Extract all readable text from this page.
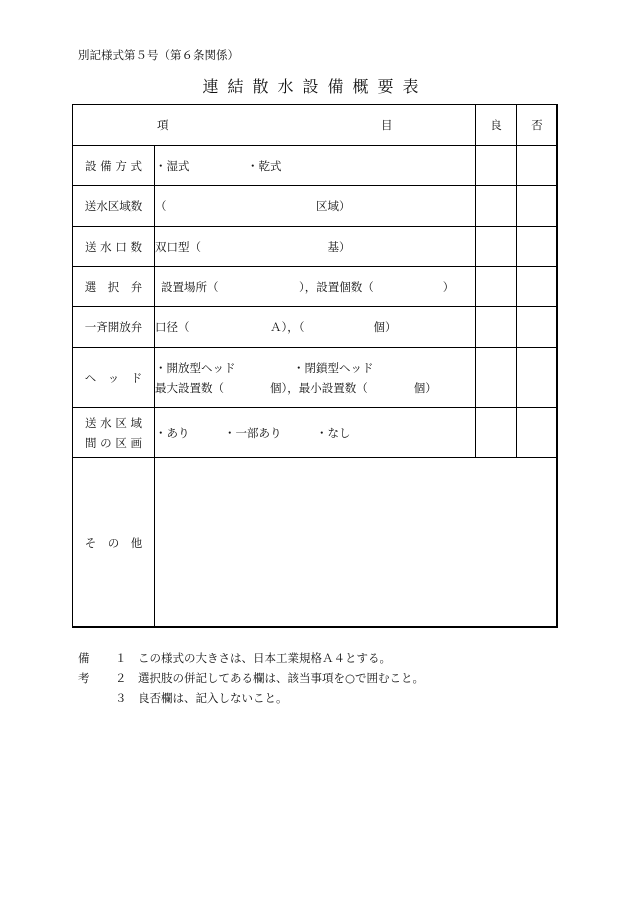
別記様式第５号（第６条関係）
連結散水設備概要表
項 目		良	否
設 備 方 式	・湿式　　　　　・乾式		
送水区域数	（　　　　　　　　　　　　　区域）		
送 水 口 数	双口型（　　　　　　　　　　　基）		
選　択　弁	設置場所（　　　　　　　），設置個数（　　　　　　）		
一斉開放弁	口径（　　　　　　　Ａ），（　　　　　　個）		
ヘ　ッ　ド	・開放型ヘッド　　　　　・閉鎖型ヘッド
最大設置数（　　　　個），最小設置数（　　　　個）		

送 水 区 域
間 の 区 画	・あり　　　・一部あり　　　・なし		
そ　の　他			
備考
１ この様式の大きさは、日本工業規格Ａ４とする。
２ 選択肢の併記してある欄は、該当事項を○で囲むこと。
３ 良否欄は、記入しないこと。
